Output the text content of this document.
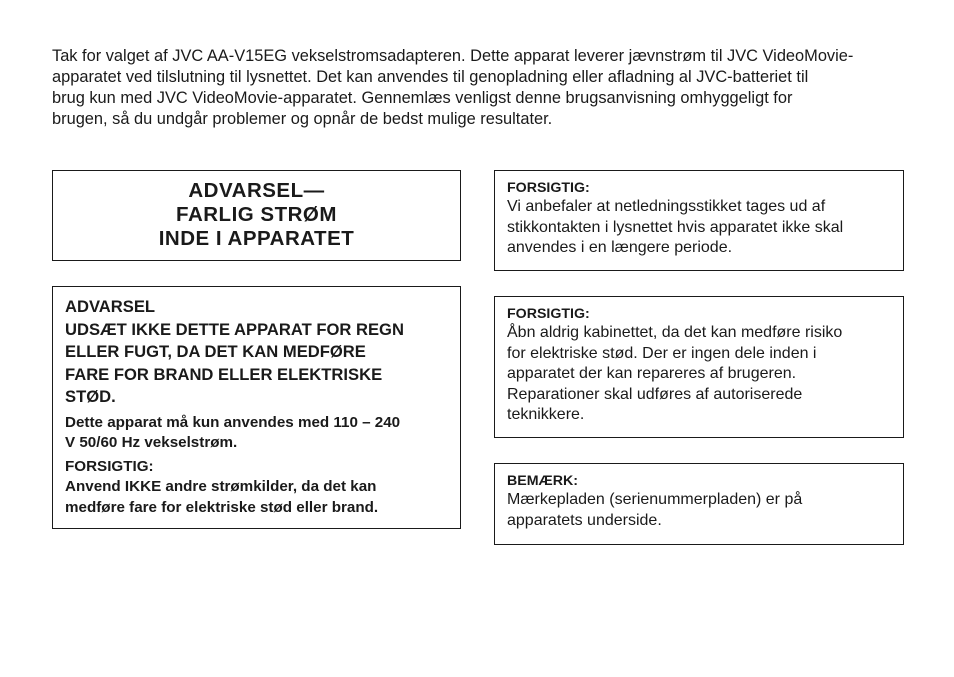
Tak for valget af JVC AA-V15EG vekselstromsadapteren. Dette apparat leverer jævnstrøm til JVC VideoMovie-
apparatet ved tilslutning til lysnettet. Det kan anvendes til genopladning eller afladning al JVC-batteriet til
brug kun med JVC VideoMovie-apparatet. Gennemlæs venligst denne brugsanvisning omhyggeligt for
brugen, så du undgår problemer og opnår de bedst mulige resultater.

ADVARSEL—
FARLIG STRØM
INDE I APPARATET

ADVARSEL
UDSÆT IKKE DETTE APPARAT FOR REGN
ELLER FUGT, DA DET KAN MEDFØRE
FARE FOR BRAND ELLER ELEKTRISKE
STØD.

Dette apparat må kun anvendes med 110 – 240
V 50/60 Hz vekselstrøm.

FORSIGTIG:
Anvend IKKE andre strømkilder, da det kan
medføre fare for elektriske stød eller brand.

FORSIGTIG:

Vi anbefaler at netledningsstikket tages ud af
stikkontakten i lysnettet hvis apparatet ikke skal
anvendes i en længere periode.

FORSIGTIG:

Åbn aldrig kabinettet, da det kan medføre risiko
for elektriske stød. Der er ingen dele inden i
apparatet der kan repareres af brugeren.
Reparationer skal udføres af autoriserede
teknikkere.

BEMÆRK:

Mærkepladen (serienummerpladen) er på
apparatets underside.
